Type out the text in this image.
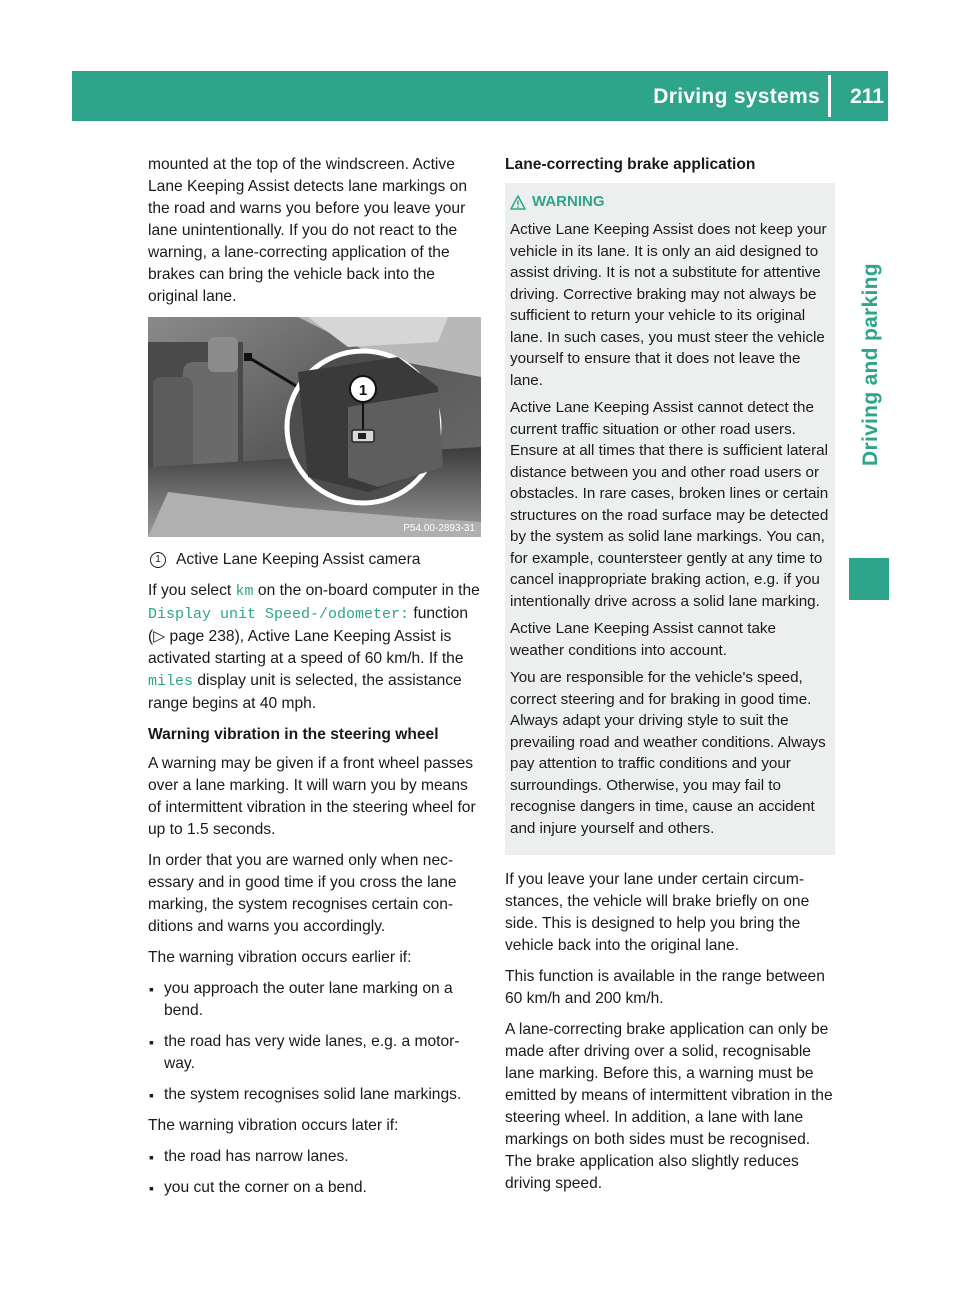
Driving systems 211
Driving and parking

mounted at the top of the windscreen. Active Lane Keeping Assist detects lane markings on the road and warns you before you leave your lane unintentionally. If you do not react to the warning, a lane-correcting application of the brakes can bring the vehicle back into the original lane.

1
P54.00-2893-31

1 Active Lane Keeping Assist camera

If you select km on the on-board computer in the Display unit Speed-/odometer: function (▷ page 238), Active Lane Keeping Assist is activated starting at a speed of 60 km/h. If the miles display unit is selected, the assistance range begins at 40 mph.

Warning vibration in the steering wheel

A warning may be given if a front wheel passes over a lane marking. It will warn you by means of intermittent vibration in the steering wheel for up to 1.5 seconds.

In order that you are warned only when necessary and in good time if you cross the lane marking, the system recognises certain conditions and warns you accordingly.

The warning vibration occurs earlier if:

▪ you approach the outer lane marking on a bend.
▪ the road has very wide lanes, e.g. a motorway.
▪ the system recognises solid lane markings.

The warning vibration occurs later if:

▪ the road has narrow lanes.
▪ you cut the corner on a bend.
Lane-correcting brake application
WARNING

Active Lane Keeping Assist does not keep your vehicle in its lane. It is only an aid designed to assist driving. It is not a substitute for attentive driving. Corrective braking may not always be sufficient to return your vehicle to its original lane. In such cases, you must steer the vehicle yourself to ensure that it does not leave the lane.

Active Lane Keeping Assist cannot detect the current traffic situation or other road users. Ensure at all times that there is sufficient lateral distance between you and other road users or obstacles. In rare cases, broken lines or certain structures on the road surface may be detected by the system as solid lane markings. You can, for example, countersteer gently at any time to cancel inappropriate braking action, e.g. if you intentionally drive across a solid lane marking.

Active Lane Keeping Assist cannot take weather conditions into account.

You are responsible for the vehicle's speed, correct steering and for braking in good time. Always adapt your driving style to suit the prevailing road and weather conditions. Always pay attention to traffic conditions and your surroundings. Otherwise, you may fail to recognise dangers in time, cause an accident and injure yourself and others.

If you leave your lane under certain circumstances, the vehicle will brake briefly on one side. This is designed to help you bring the vehicle back into the original lane.

This function is available in the range between 60 km/h and 200 km/h.

A lane-correcting brake application can only be made after driving over a solid, recognisable lane marking. Before this, a warning must be emitted by means of intermittent vibration in the steering wheel. In addition, a lane with lane markings on both sides must be recognised. The brake application also slightly reduces driving speed.
